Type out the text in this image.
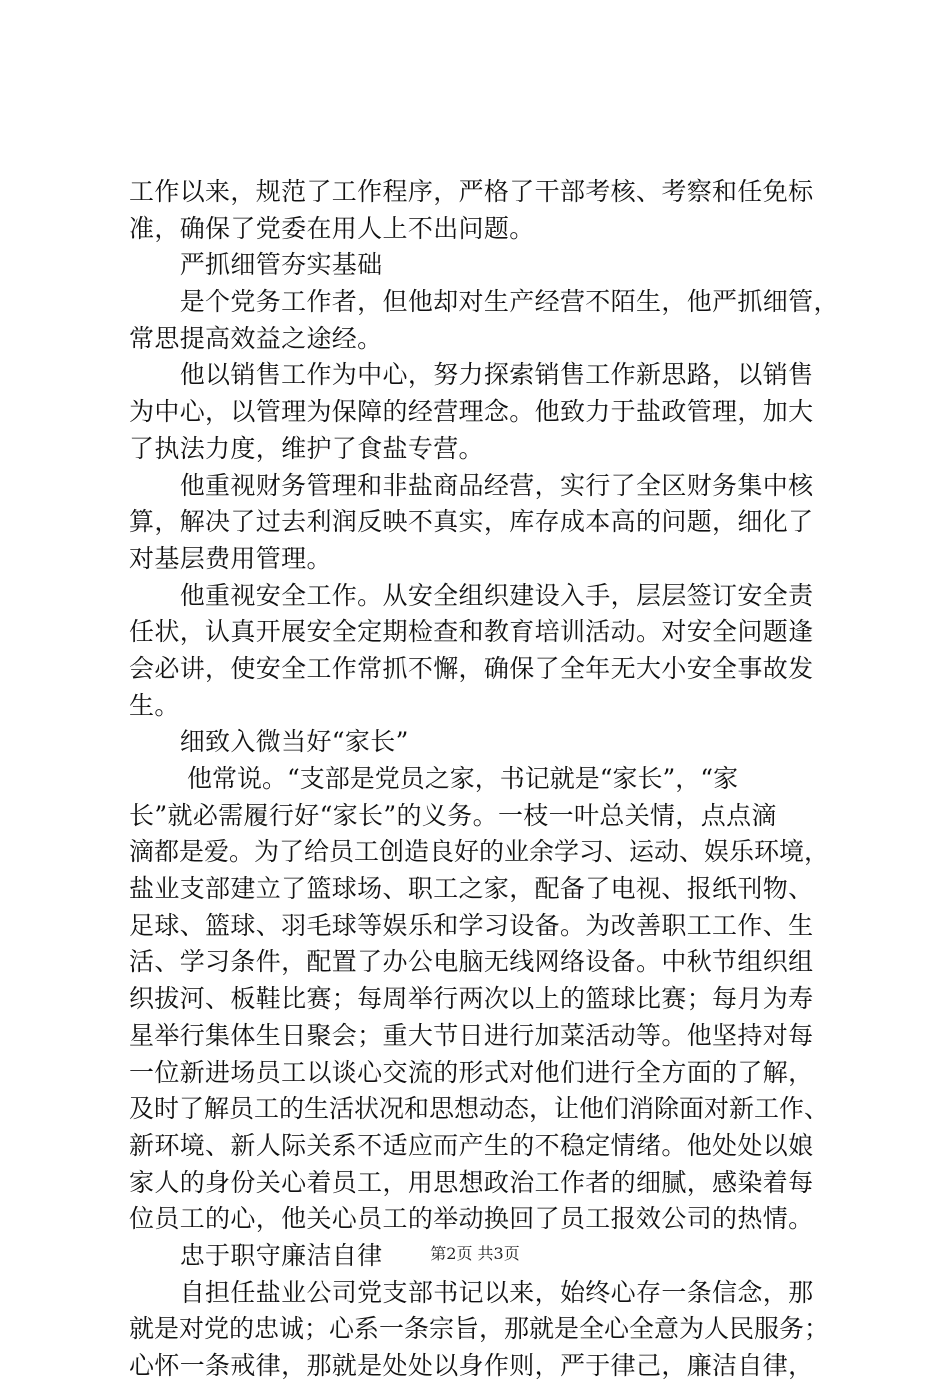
工作以来，规范了工作程序，严格了干部考核、考察和任免标
准，确保了党委在用人上不出问题。
　　严抓细管夯实基础
　　是个党务工作者，但他却对生产经营不陌生，他严抓细管，
常思提高效益之途经。
　　他以销售工作为中心，努力探索销售工作新思路，以销售
为中心，以管理为保障的经营理念。他致力于盐政管理，加大
了执法力度，维护了食盐专营。
　　他重视财务管理和非盐商品经营，实行了全区财务集中核
算，解决了过去利润反映不真实，库存成本高的问题，细化了
对基层费用管理。
　　他重视安全工作。从安全组织建设入手，层层签订安全责
任状，认真开展安全定期检查和教育培训活动。对安全问题逢
会必讲，使安全工作常抓不懈，确保了全年无大小安全事故发
生。
　　细致入微当好“家长”
　　 他常说。“支部是党员之家，书记就是“家长”，“家
长”就必需履行好“家长”的义务。一枝一叶总关情，点点滴
滴都是爱。为了给员工创造良好的业余学习、运动、娱乐环境，
盐业支部建立了篮球场、职工之家，配备了电视、报纸刊物、
足球、篮球、羽毛球等娱乐和学习设备。为改善职工工作、生
活、学习条件，配置了办公电脑无线网络设备。中秋节组织组
织拔河、板鞋比赛；每周举行两次以上的篮球比赛；每月为寿
星举行集体生日聚会；重大节日进行加菜活动等。他坚持对每
一位新进场员工以谈心交流的形式对他们进行全方面的了解，
及时了解员工的生活状况和思想动态，让他们消除面对新工作、
新环境、新人际关系不适应而产生的不稳定情绪。他处处以娘
家人的身份关心着员工，用思想政治工作者的细腻，感染着每
位员工的心，他关心员工的举动换回了员工报效公司的热情。
　　忠于职守廉洁自律
　　自担任盐业公司党支部书记以来，始终心存一条信念，那
就是对党的忠诚；心系一条宗旨，那就是全心全意为人民服务；
心怀一条戒律，那就是处处以身作则，严于律己，廉洁自律，
第2页 共3页
